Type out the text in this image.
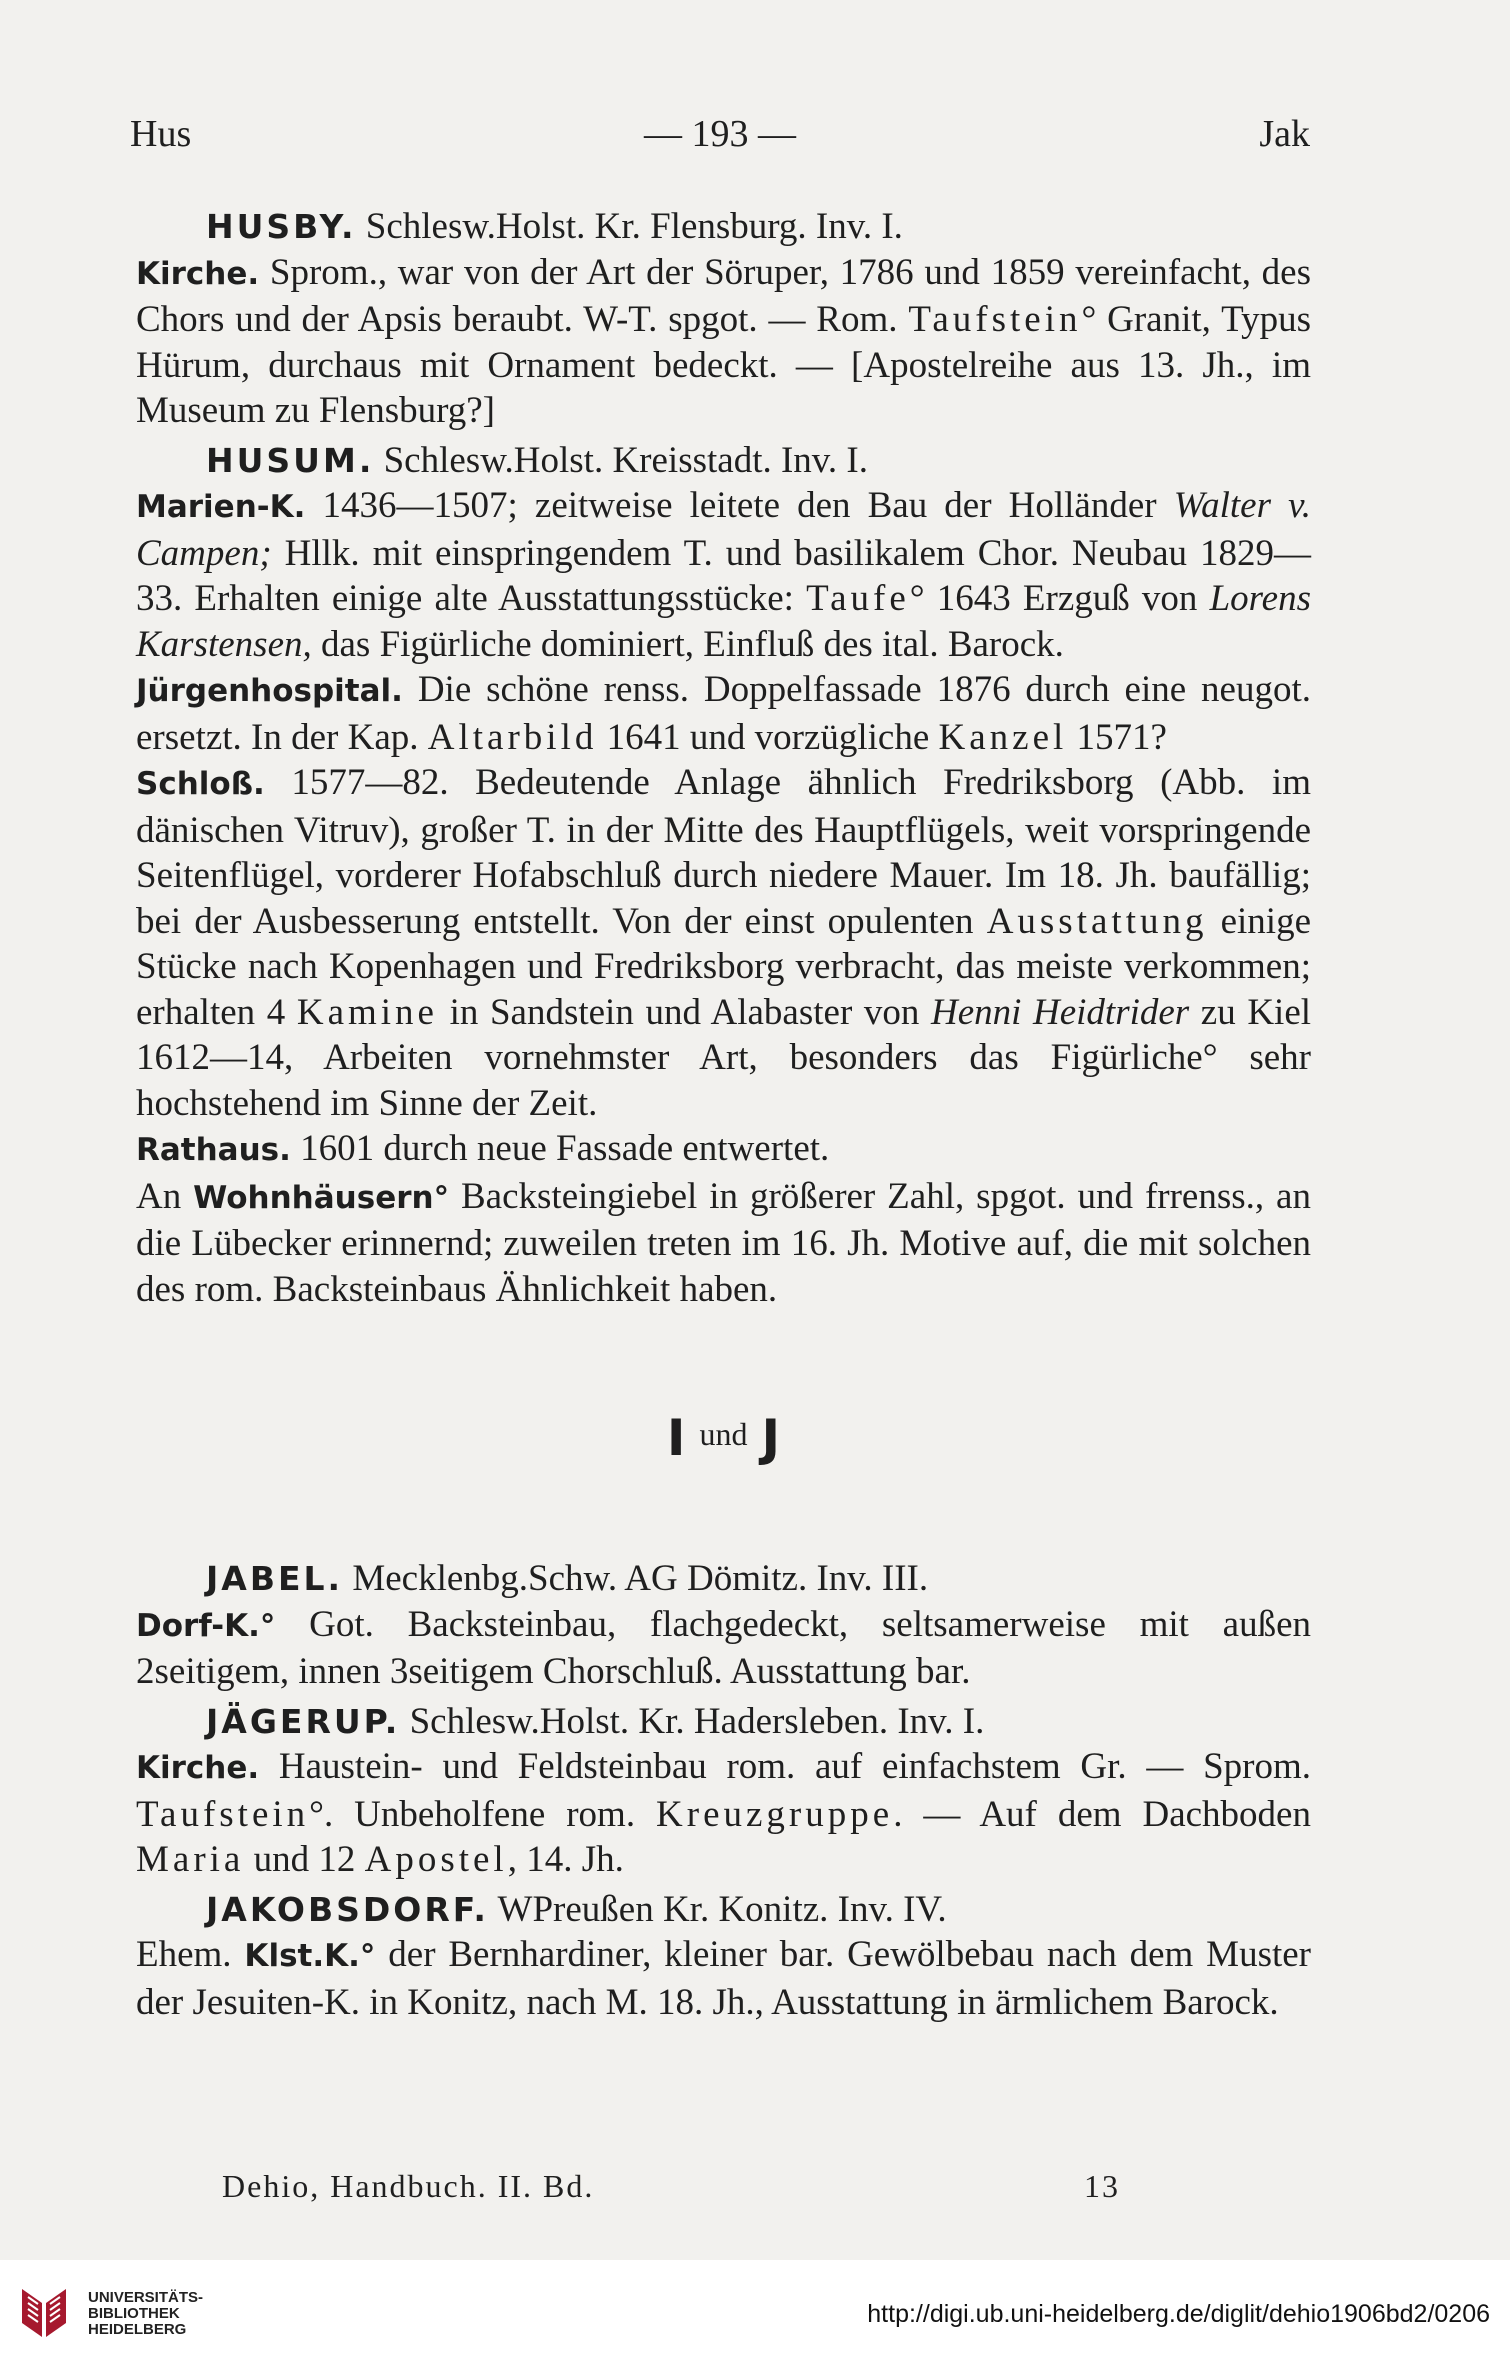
Hus	— 193 —	Jak

HUSBY. Schlesw.Holst. Kr. Flensburg. Inv. I.

Kirche. Sprom., war von der Art der Söruper, 1786 und 1859 vereinfacht, des Chors und der Apsis beraubt. W-T. spgot. — Rom. Taufstein° Granit, Typus Hürum, durchaus mit Ornament bedeckt. — [Apostelreihe aus 13. Jh., im Museum zu Flensburg?]

HUSUM. Schlesw.Holst. Kreisstadt. Inv. I.

Marien-K. 1436—1507; zeitweise leitete den Bau der Holländer Walter v. Campen; Hllk. mit einspringendem T. und basilikalem Chor. Neubau 1829—33. Erhalten einige alte Ausstattungsstücke: Taufe° 1643 Erzguß von Lorens Karstensen, das Figürliche dominiert, Einfluß des ital. Barock.

Jürgenhospital. Die schöne renss. Doppelfassade 1876 durch eine neugot. ersetzt. In der Kap. Altarbild 1641 und vorzügliche Kanzel 1571?

Schloß. 1577—82. Bedeutende Anlage ähnlich Fredriksborg (Abb. im dänischen Vitruv), großer T. in der Mitte des Hauptflügels, weit vorspringende Seitenflügel, vorderer Hofabschluß durch niedere Mauer. Im 18. Jh. baufällig; bei der Ausbesserung entstellt. Von der einst opulenten Ausstattung einige Stücke nach Kopenhagen und Fredriksborg verbracht, das meiste verkommen; erhalten 4 Kamine in Sandstein und Alabaster von Henni Heidtrider zu Kiel 1612—14, Arbeiten vornehmster Art, besonders das Figürliche° sehr hochstehend im Sinne der Zeit.

Rathaus. 1601 durch neue Fassade entwertet.

An Wohnhäusern° Backsteingiebel in größerer Zahl, spgot. und frrenss., an die Lübecker erinnernd; zuweilen treten im 16. Jh. Motive auf, die mit solchen des rom. Backsteinbaus Ähnlichkeit haben.

Iund J

JABEL. Mecklenbg.Schw. AG Dömitz. Inv. III.

Dorf-K.° Got. Backsteinbau, flachgedeckt, seltsamerweise mit außen 2seitigem, innen 3seitigem Chorschluß. Ausstattung bar.

JÄGERUP. Schlesw.Holst. Kr. Hadersleben. Inv. I.

Kirche. Haustein- und Feldsteinbau rom. auf einfachstem Gr. — Sprom. Taufstein°. Unbeholfene rom. Kreuzgruppe. — Auf dem Dachboden Maria und 12 Apostel, 14. Jh.

JAKOBSDORF. WPreußen Kr. Konitz. Inv. IV.

Ehem. Klst.K.° der Bernhardiner, kleiner bar. Gewölbebau nach dem Muster der Jesuiten-K. in Konitz, nach M. 18. Jh., Ausstattung in ärmlichem Barock.

Dehio, Handbuch. II. Bd.	13
UNIVERSITÄTS-
BIBLIOTHEK
HEIDELBERG
http://digi.ub.uni-heidelberg.de/diglit/dehio1906bd2/0206
